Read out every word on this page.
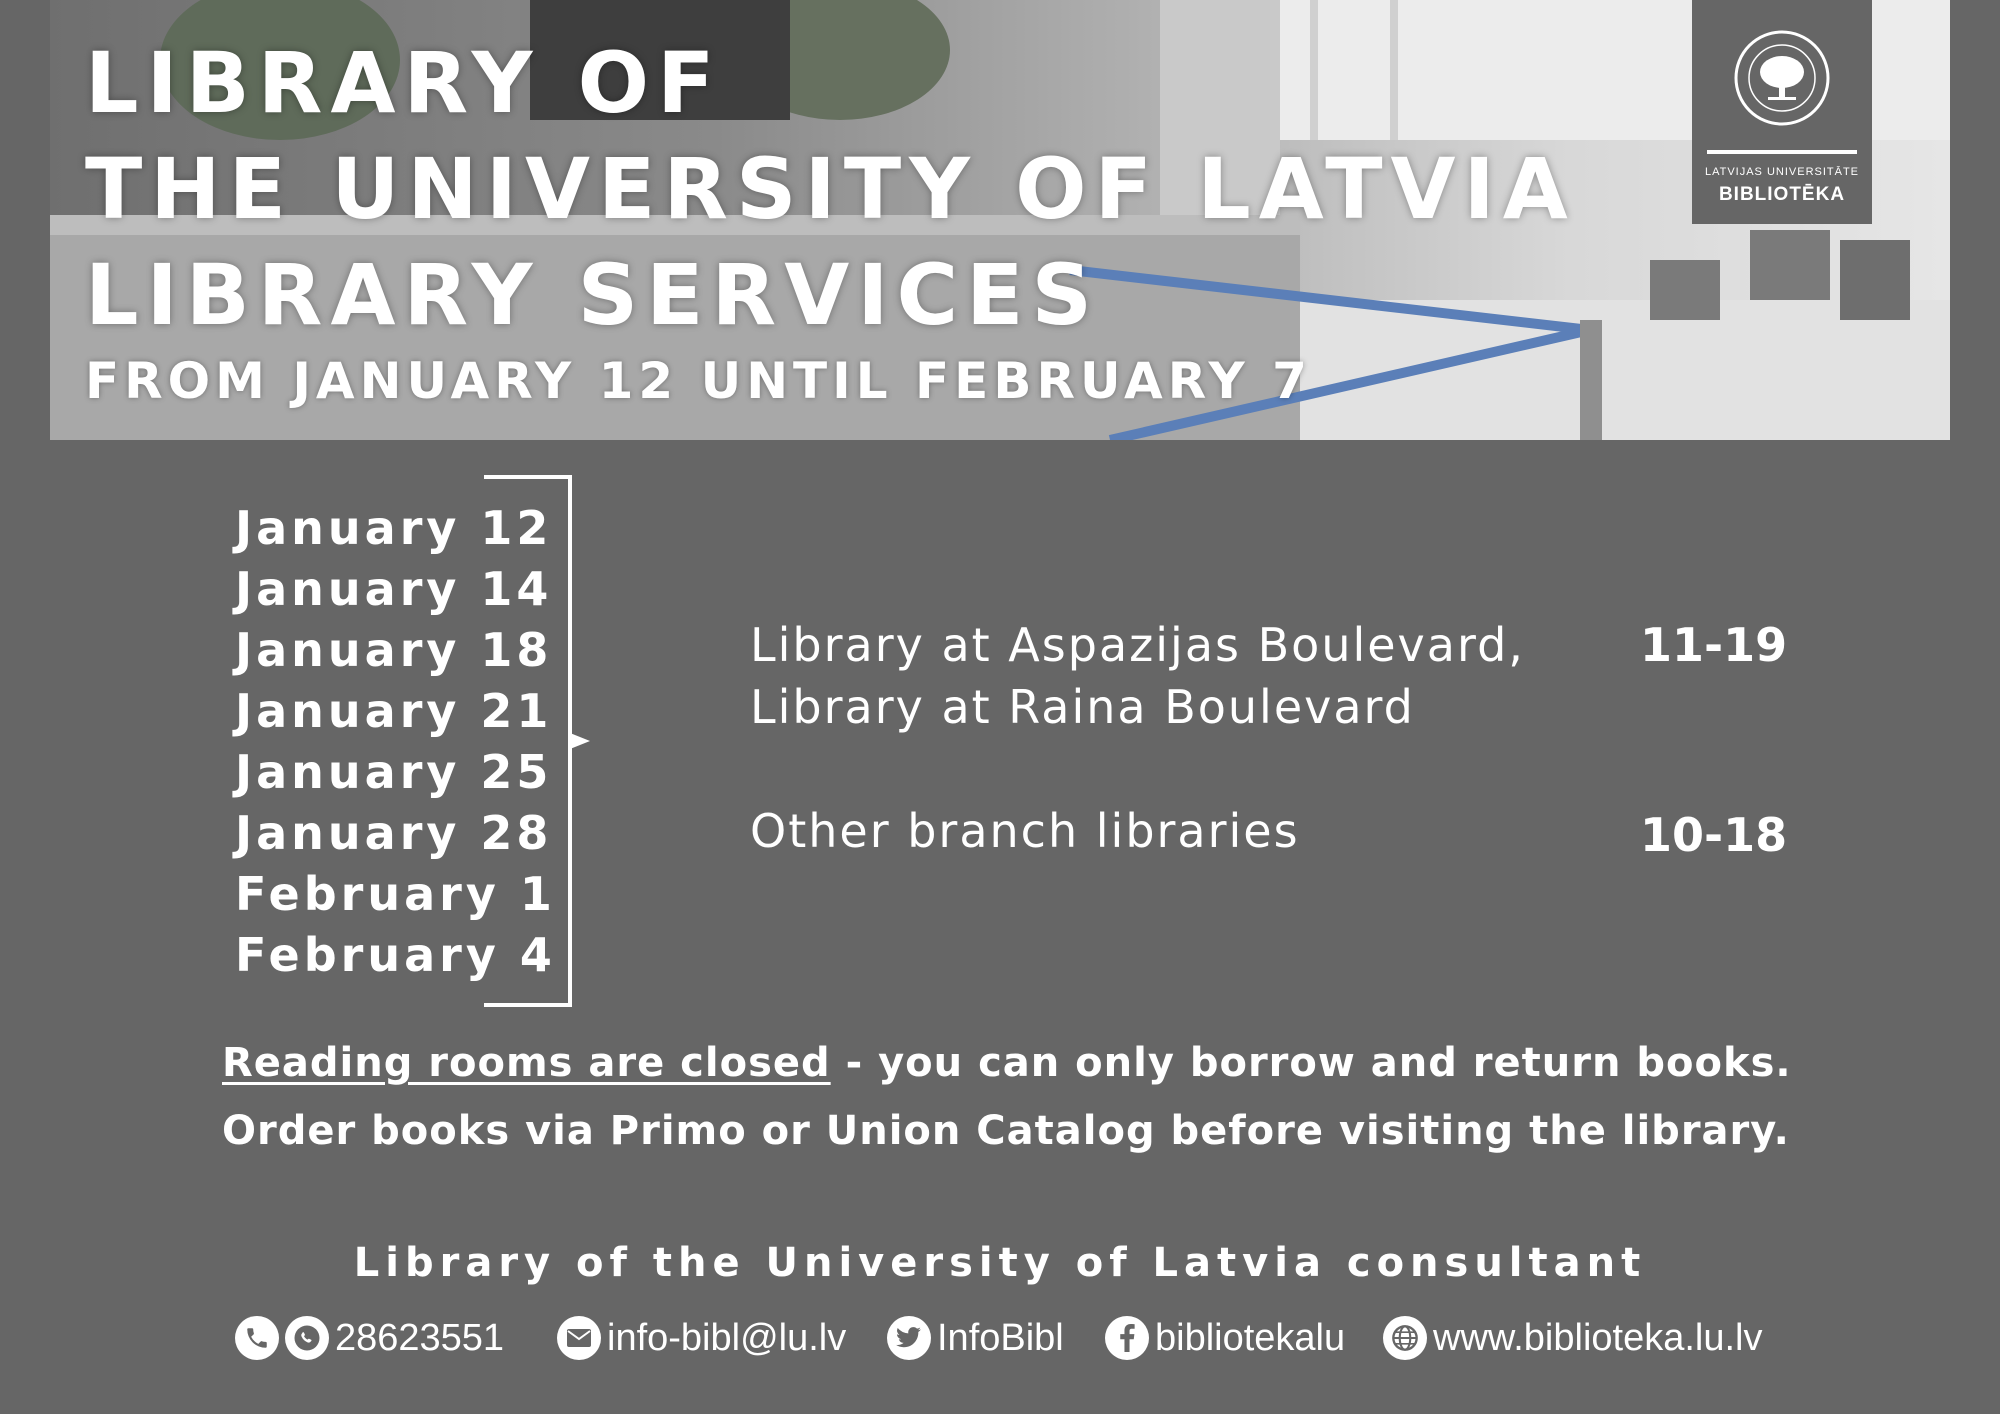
LIBRARY OF
THE UNIVERSITY OF LATVIA
LIBRARY SERVICES
FROM JANUARY 12 UNTIL FEBRUARY 7
LATVIJAS UNIVERSITĀTE
BIBLIOTĒKA
January 12
January 14
January 18
January 21
January 25
January 28
February 1
February 4
Library at Aspazijas Boulevard,
Library at Raina Boulevard
11-19
Other branch libraries	10-18
Reading rooms are closed - you can only borrow and return books.
Order books via Primo or Union Catalog before visiting the library.
Library of the University of Latvia consultant
28623551	info-bibl@lu.lv InfoBibl bibliotekalu www.biblioteka.lu.lv
